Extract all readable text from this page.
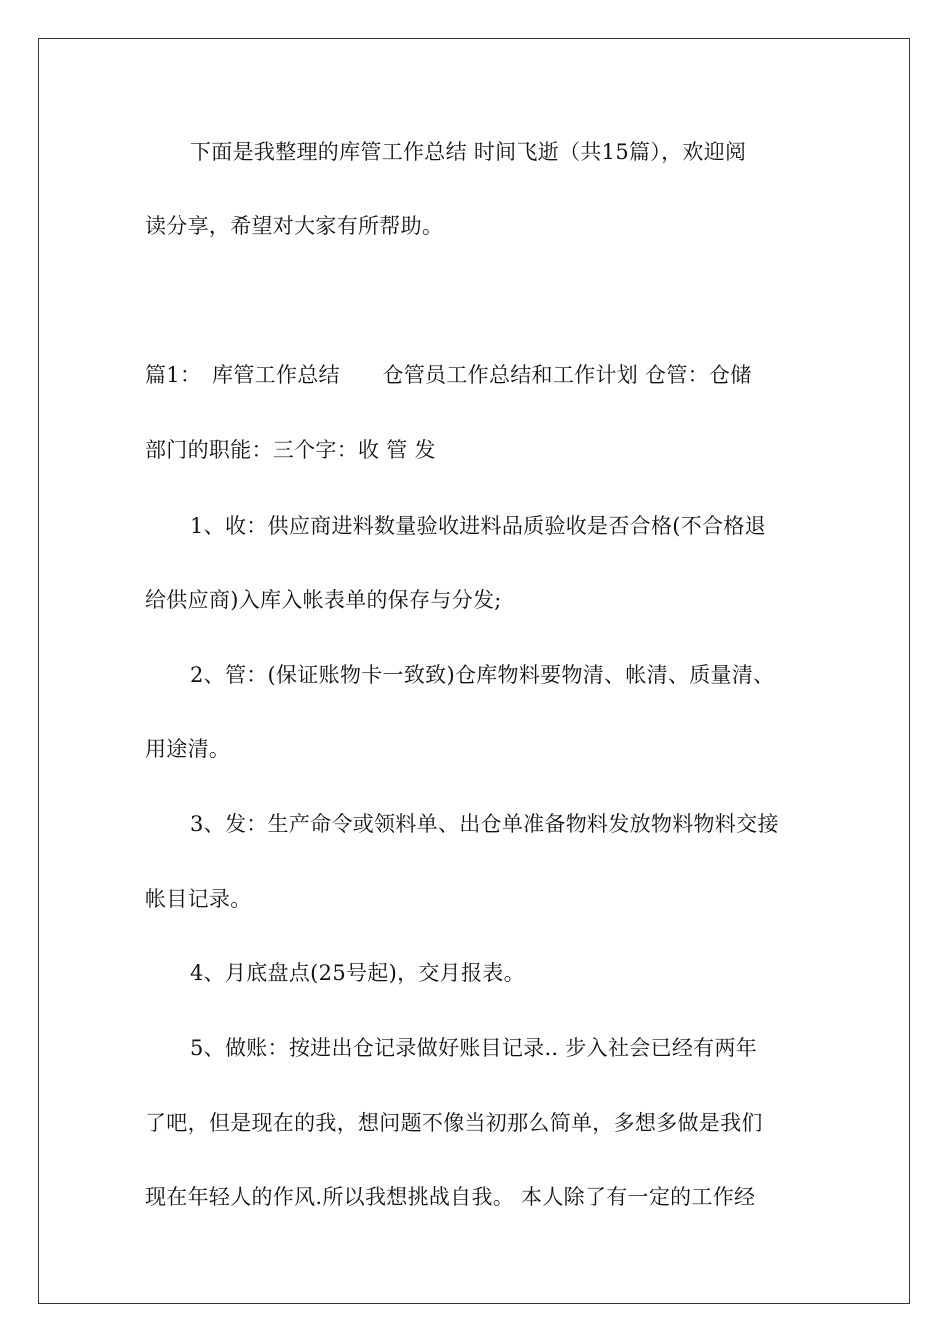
下面是我整理的库管工作总结 时间飞逝（共15篇），欢迎阅
读分享，希望对大家有所帮助。
篇1：　库管工作总结　　仓管员工作总结和工作计划 仓管：仓储
部门的职能：三个字：收 管 发
1、收：供应商进料数量验收进料品质验收是否合格(不合格退
给供应商)入库入帐表单的保存与分发;
2、管：(保证账物卡一致致)仓库物料要物清、帐清、质量清、
用途清。
3、发：生产命令或领料单、出仓单准备物料发放物料物料交接
帐目记录。
4、月底盘点(25号起)，交月报表。
5、做账：按进出仓记录做好账目记录.. 步入社会已经有两年
了吧，但是现在的我，想问题不像当初那么简单，多想多做是我们
现在年轻人的作风.所以我想挑战自我。 本人除了有一定的工作经
